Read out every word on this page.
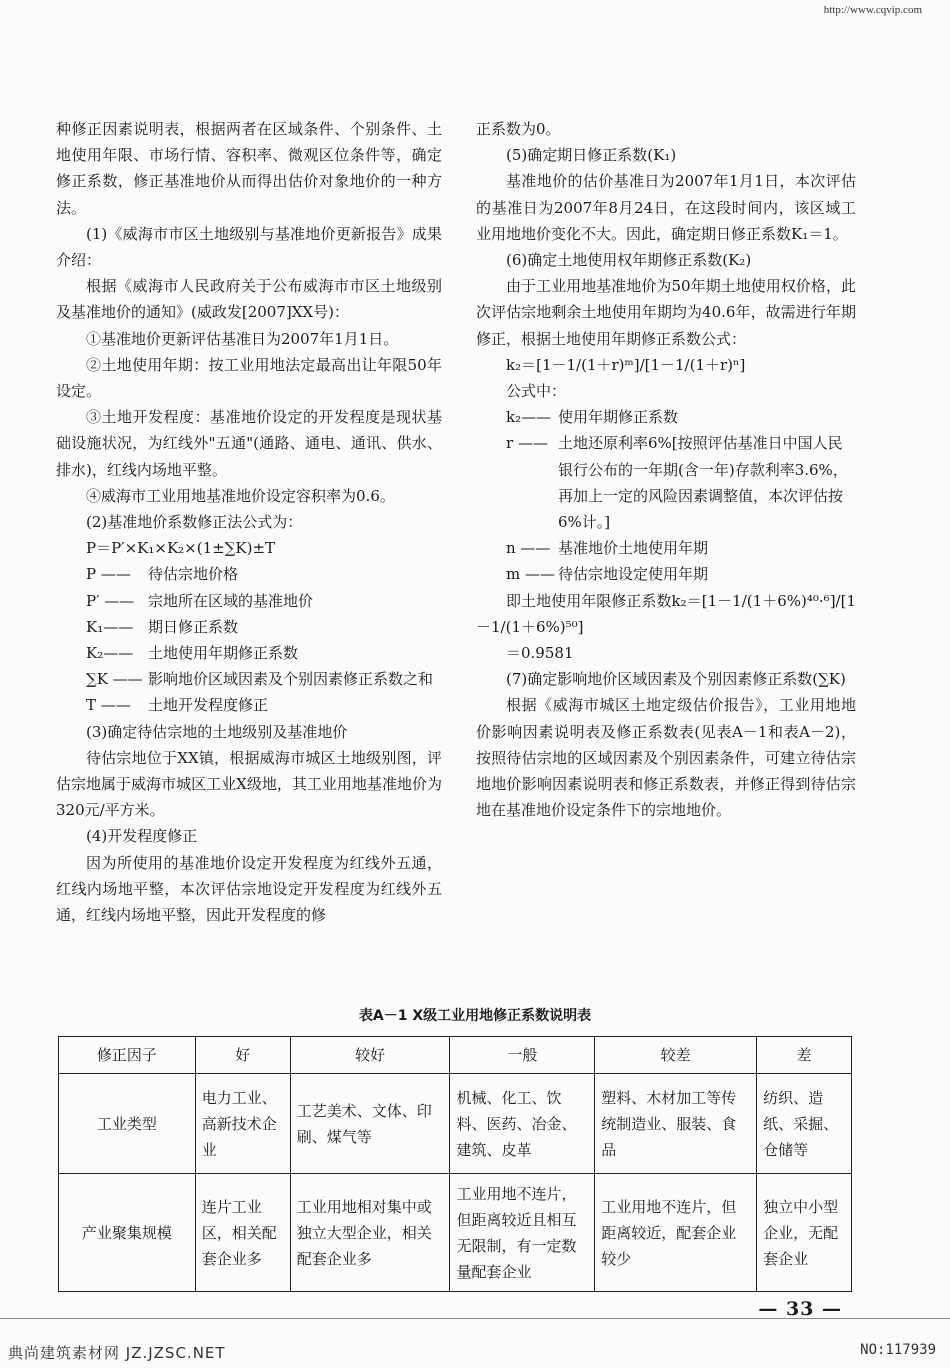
http://www.cqvip.com

种修正因素说明表，根据两者在区域条件、个别条件、土地使用年限、市场行情、容积率、微观区位条件等，确定修正系数，修正基准地价从而得出估价对象地价的一种方法。

(1)《威海市市区土地级别与基准地价更新报告》成果介绍：

根据《威海市人民政府关于公布威海市市区土地级别及基准地价的通知》(威政发[2007]XX号)：

①基准地价更新评估基准日为2007年1月1日。

②土地使用年期：按工业用地法定最高出让年限50年设定。

③土地开发程度：基准地价设定的开发程度是现状基础设施状况，为红线外"五通"(通路、通电、通讯、供水、排水)，红线内场地平整。

④威海市工业用地基准地价设定容积率为0.6。

(2)基准地价系数修正法公式为：

P＝P′×K₁×K₂×(1±∑K)±T

P ——	待估宗地价格
P′ —— 宗地所在区域的基准地价
K₁—— 期日修正系数
K₂—— 土地使用年期修正系数
∑K —— 影响地价区域因素及个别因素修正系数之和
T ——	土地开发程度修正

(3)确定待估宗地的土地级别及基准地价

待估宗地位于XX镇，根据威海市城区土地级别图，评估宗地属于威海市城区工业X级地，其工业用地基准地价为320元/平方米。

(4)开发程度修正

因为所使用的基准地价设定开发程度为红线外五通，红线内场地平整，本次评估宗地设定开发程度为红线外五通，红线内场地平整，因此开发程度的修

正系数为0。

(5)确定期日修正系数(K₁)

基准地价的估价基准日为2007年1月1日，本次评估的基准日为2007年8月24日，在这段时间内，该区域工业用地地价变化不大。因此，确定期日修正系数K₁＝1。

(6)确定土地使用权年期修正系数(K₂)

由于工业用地基准地价为50年期土地使用权价格，此次评估宗地剩余土地使用年期均为40.6年，故需进行年期修正，根据土地使用年期修正系数公式：

k₂＝[1－1/(1＋r)ᵐ]/[1－1/(1＋r)ⁿ]

公式中：

k₂—— 使用年期修正系数
r —— 土地还原利率6%[按照评估基准日中国人民银行公布的一年期(含一年)存款利率3.6%，再加上一定的风险因素调整值，本次评估按6%计。]
n —— 基准地价土地使用年期
m —— 待估宗地设定使用年期

即土地使用年限修正系数k₂＝[1－1/(1＋6%)⁴⁰·⁶]/[1－1/(1＋6%)⁵⁰]

＝0.9581

(7)确定影响地价区域因素及个别因素修正系数(∑K)

根据《威海市城区土地定级估价报告》，工业用地地价影响因素说明表及修正系数表(见表A－1和表A－2)，按照待估宗地的区域因素及个别因素条件，可建立待估宗地地价影响因素说明表和修正系数表，并修正得到待估宗地在基准地价设定条件下的宗地地价。

表A－1 X级工业用地修正系数说明表
修正因子	好	较好	一般	较差	差
工业类型	电力工业、高新技术企业	工艺美术、文体、印刷、煤气等	机械、化工、饮料、医药、冶金、建筑、皮革	塑料、木材加工等传统制造业、服装、食品	纺织、造纸、采掘、仓储等
产业聚集规模	连片工业区，相关配套企业多	工业用地相对集中或独立大型企业，相关配套企业多	工业用地不连片，但距离较近且相互无限制，有一定数量配套企业	工业用地不连片，但距离较近，配套企业较少	独立中小型企业，无配套企业
— 33 —
典尚建筑素材网 JZ.JZSC.NET	NO:117939
